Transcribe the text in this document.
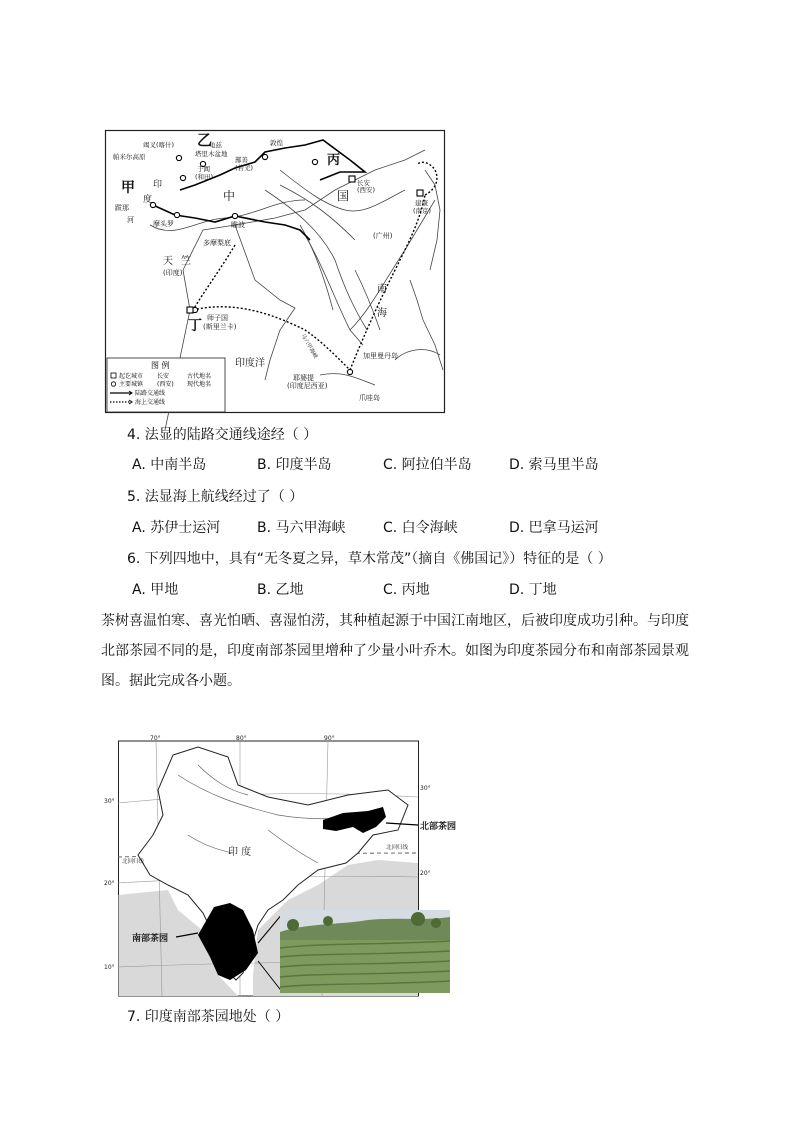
乙
丙
甲
丁
竭叉(喀什)	龟兹
塔里木盆地
帕米尔高原
于阗
(和田)
敦煌
鄯善
(若羌)
长安
(西安)
建康
(南京)
中	国
印
度
河
跋那
摩头罗	瞻波
多摩梨底
天 竺
(印度)
师子国
(斯里兰卡)
(广州)
南
海
印度洋
加里曼丹岛
耶婆提
(印度尼西亚)
爪哇岛
马六甲海峡
图 例
起讫城市 长安	古代地名
主要城镇 (西安) 现代地名
陆路交通线
海上交通线
4. 法显的陆路交通线途经（ ）
A. 中南半岛	B. 印度半岛	C. 阿拉伯半岛	D. 索马里半岛
5. 法显海上航线经过了（ ）
A. 苏伊士运河	B. 马六甲海峡	C. 白令海峡	D. 巴拿马运河
6. 下列四地中，具有“无冬夏之异，草木常茂”（摘自《佛国记》）特征的是（ ）
A. 甲地	B. 乙地	C. 丙地	D. 丁地
茶树喜温怕寒、喜光怕晒、喜湿怕涝，其种植起源于中国江南地区，后被印度成功引种。与印度
北部茶园不同的是，印度南部茶园里增种了少量小叶乔木。如图为印度茶园分布和南部茶园景观
图。据此完成各小题。
70°	80°	90°
30°
30°
20°
20°
10°
印 度
北回归线
北回归线
北部茶园
南部茶园
7. 印度南部茶园地处（ ）
